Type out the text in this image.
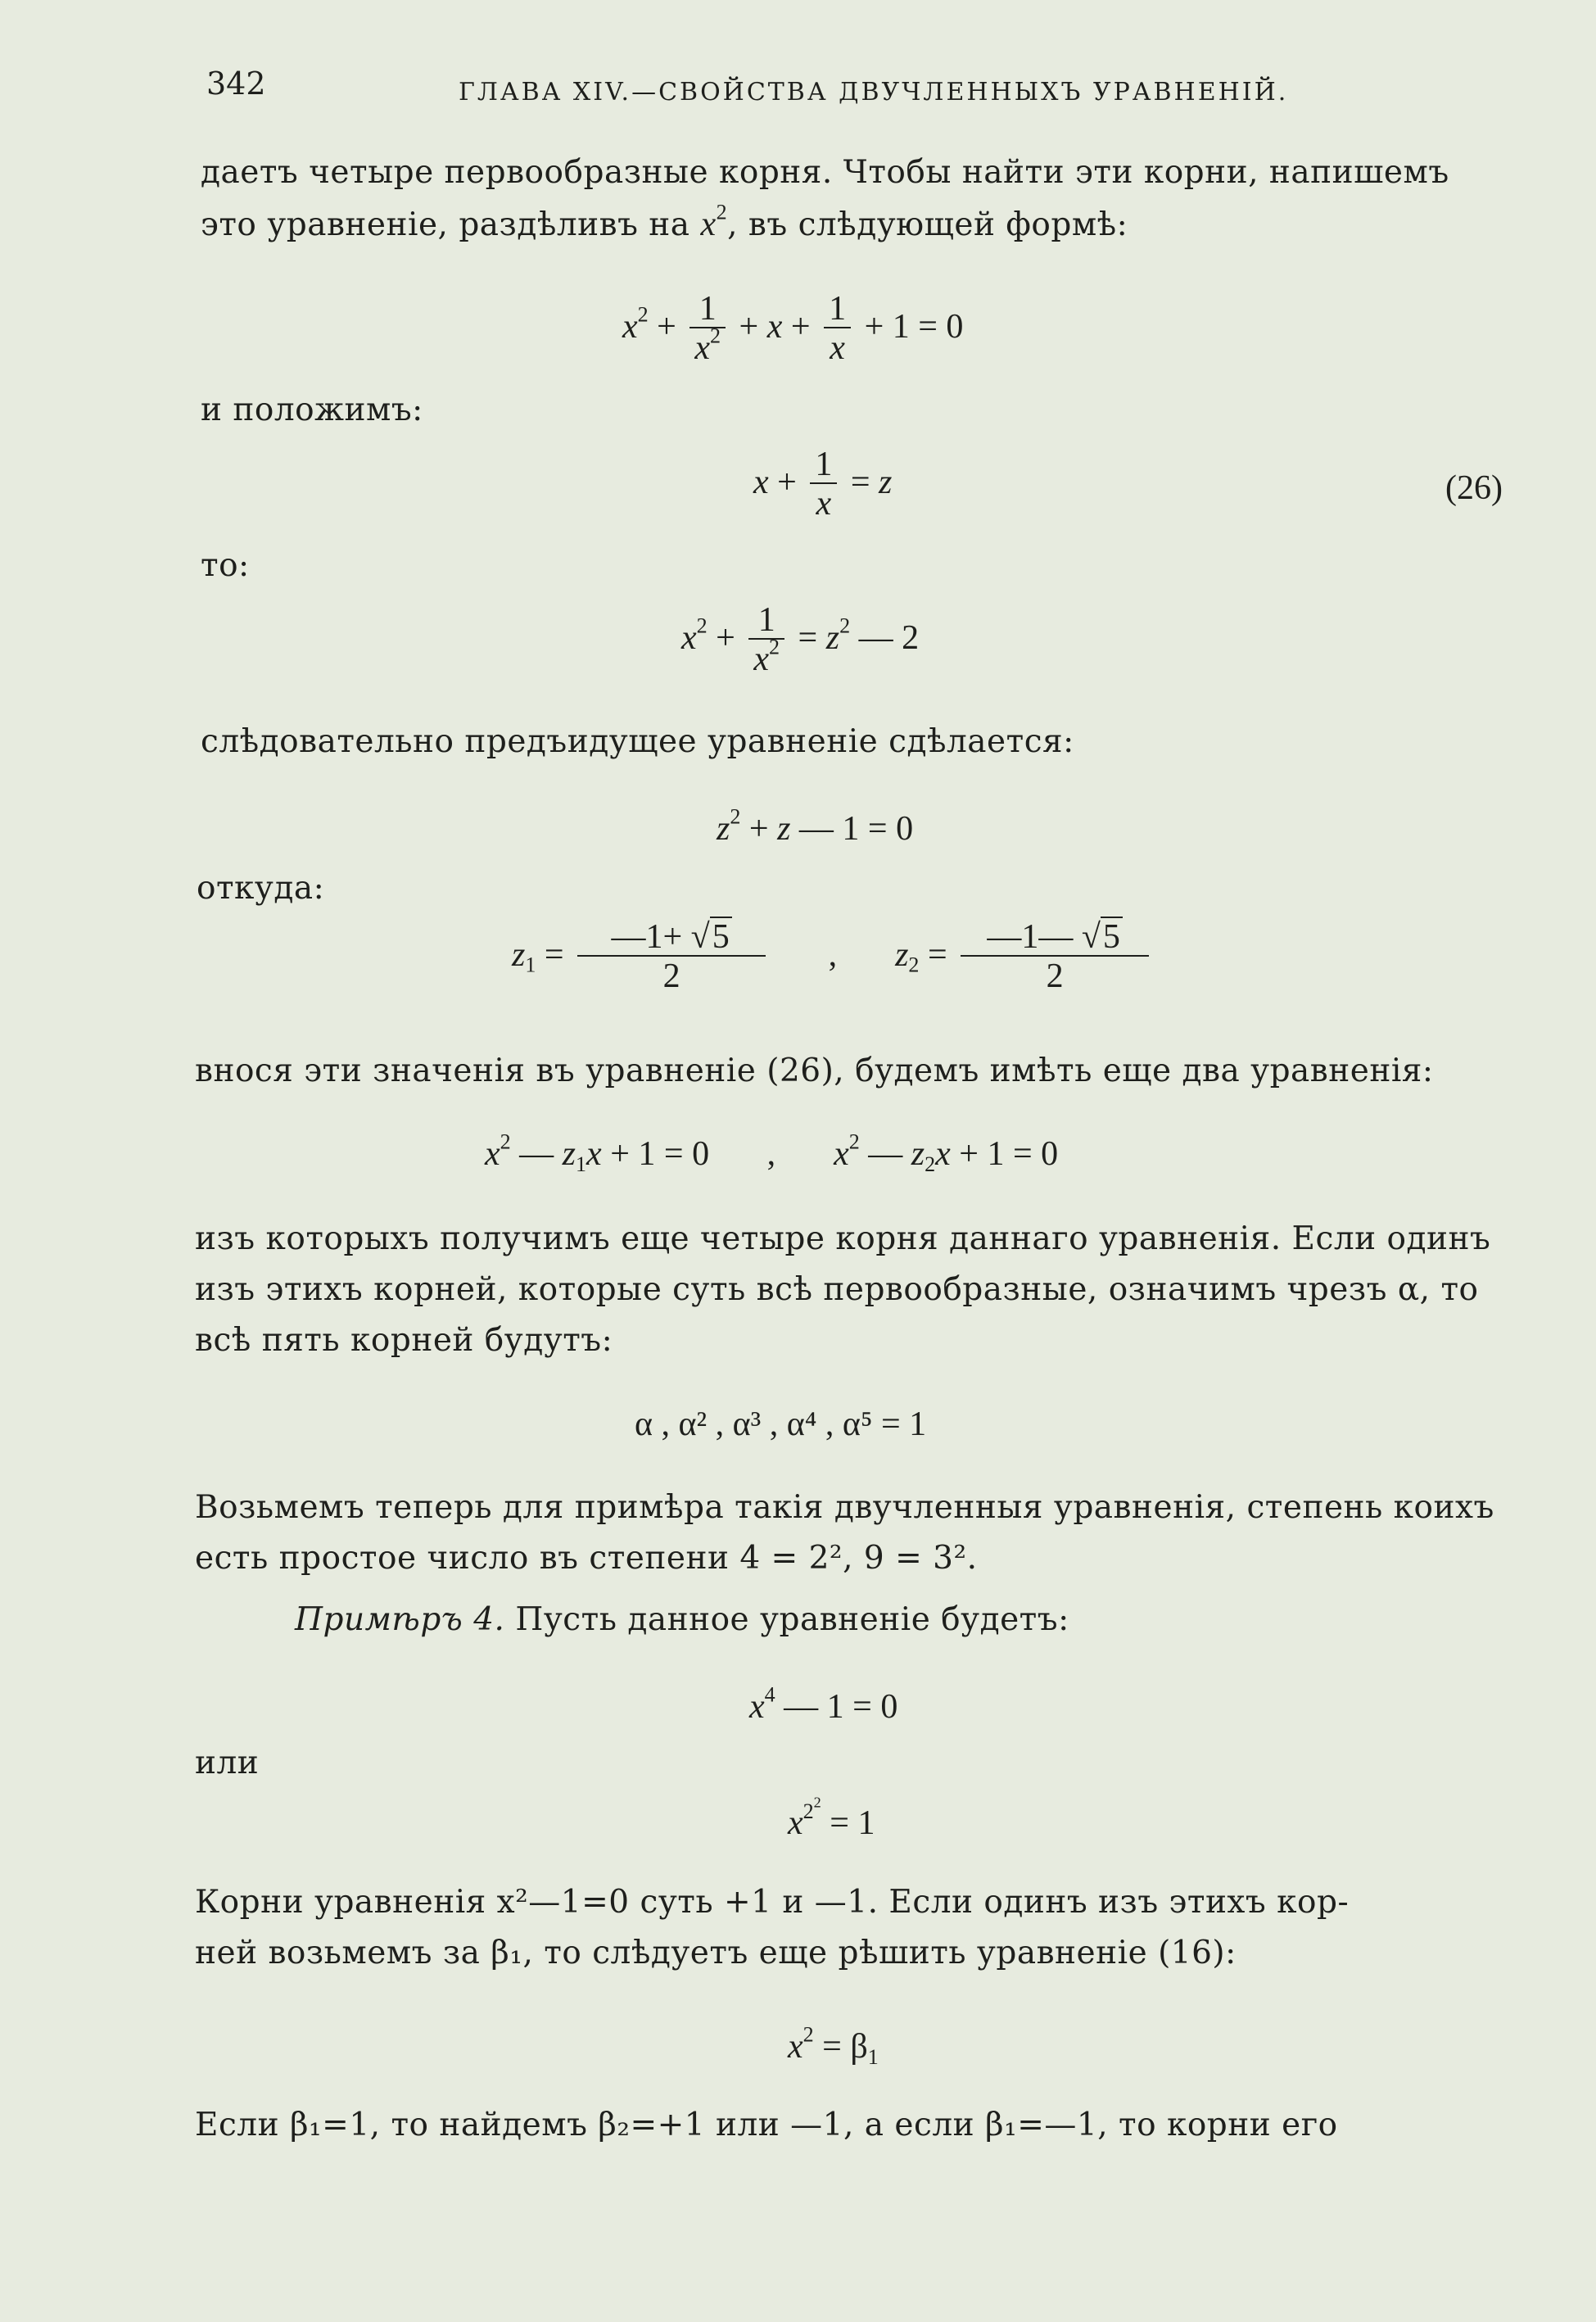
342	ГЛАВА XIV.—СВОЙСТВА ДВУЧЛЕННЫХЪ УРАВНЕНІЙ.
даетъ четыре первообразные корня. Чтобы найти эти корни, напишемъ
это уравненіе, раздѣливъ на $x^2$, въ слѣдующей формѣ:
$x^2 + \frac{1}{x^2} + x + \frac{1}{x} + 1 = 0$
и положимъ:
$x + \frac{1}{x} = z$	(26)
то:
$x^2 + \frac{1}{x^2} = z^2$ — 2
слѣдовательно предъидущее уравненіе сдѣлается:
$z^2 + z$ — 1 = 0
откуда:
$z_1 = \frac{—1+ √5}{2}$ ,  $z_2 = \frac{—1— √5}{2}$
внося эти значенія въ уравненіе (26), будемъ имѣть еще два уравненія:
$x^2$ — $z_1x + 1 = 0$ ,  $x^2$ — $z_2x + 1 = 0$
изъ которыхъ получимъ еще четыре корня даннаго уравненія. Если одинъ
изъ этихъ корней, которые суть всѣ первообразные, означимъ чрезъ α, то
всѣ пять корней будутъ:
α , α² , α³ , α⁴ , α⁵ = 1
Возьмемъ теперь для примѣра такія двучленныя уравненія, степень коихъ
есть простое число въ степени 4 = 2², 9 = 3².
Примѣръ 4. Пусть данное уравненіе будетъ:
$x^4$ — 1 = 0
или
$x^{2^2} = 1$
Корни уравненія x²—1=0 суть +1 и —1. Если одинъ изъ этихъ кор-
ней возьмемъ за β₁, то слѣдуетъ еще рѣшить уравненіе (16):
$x^2 = \beta_1$
Если β₁=1, то найдемъ β₂=+1 или —1, а если β₁=—1, то корни его
